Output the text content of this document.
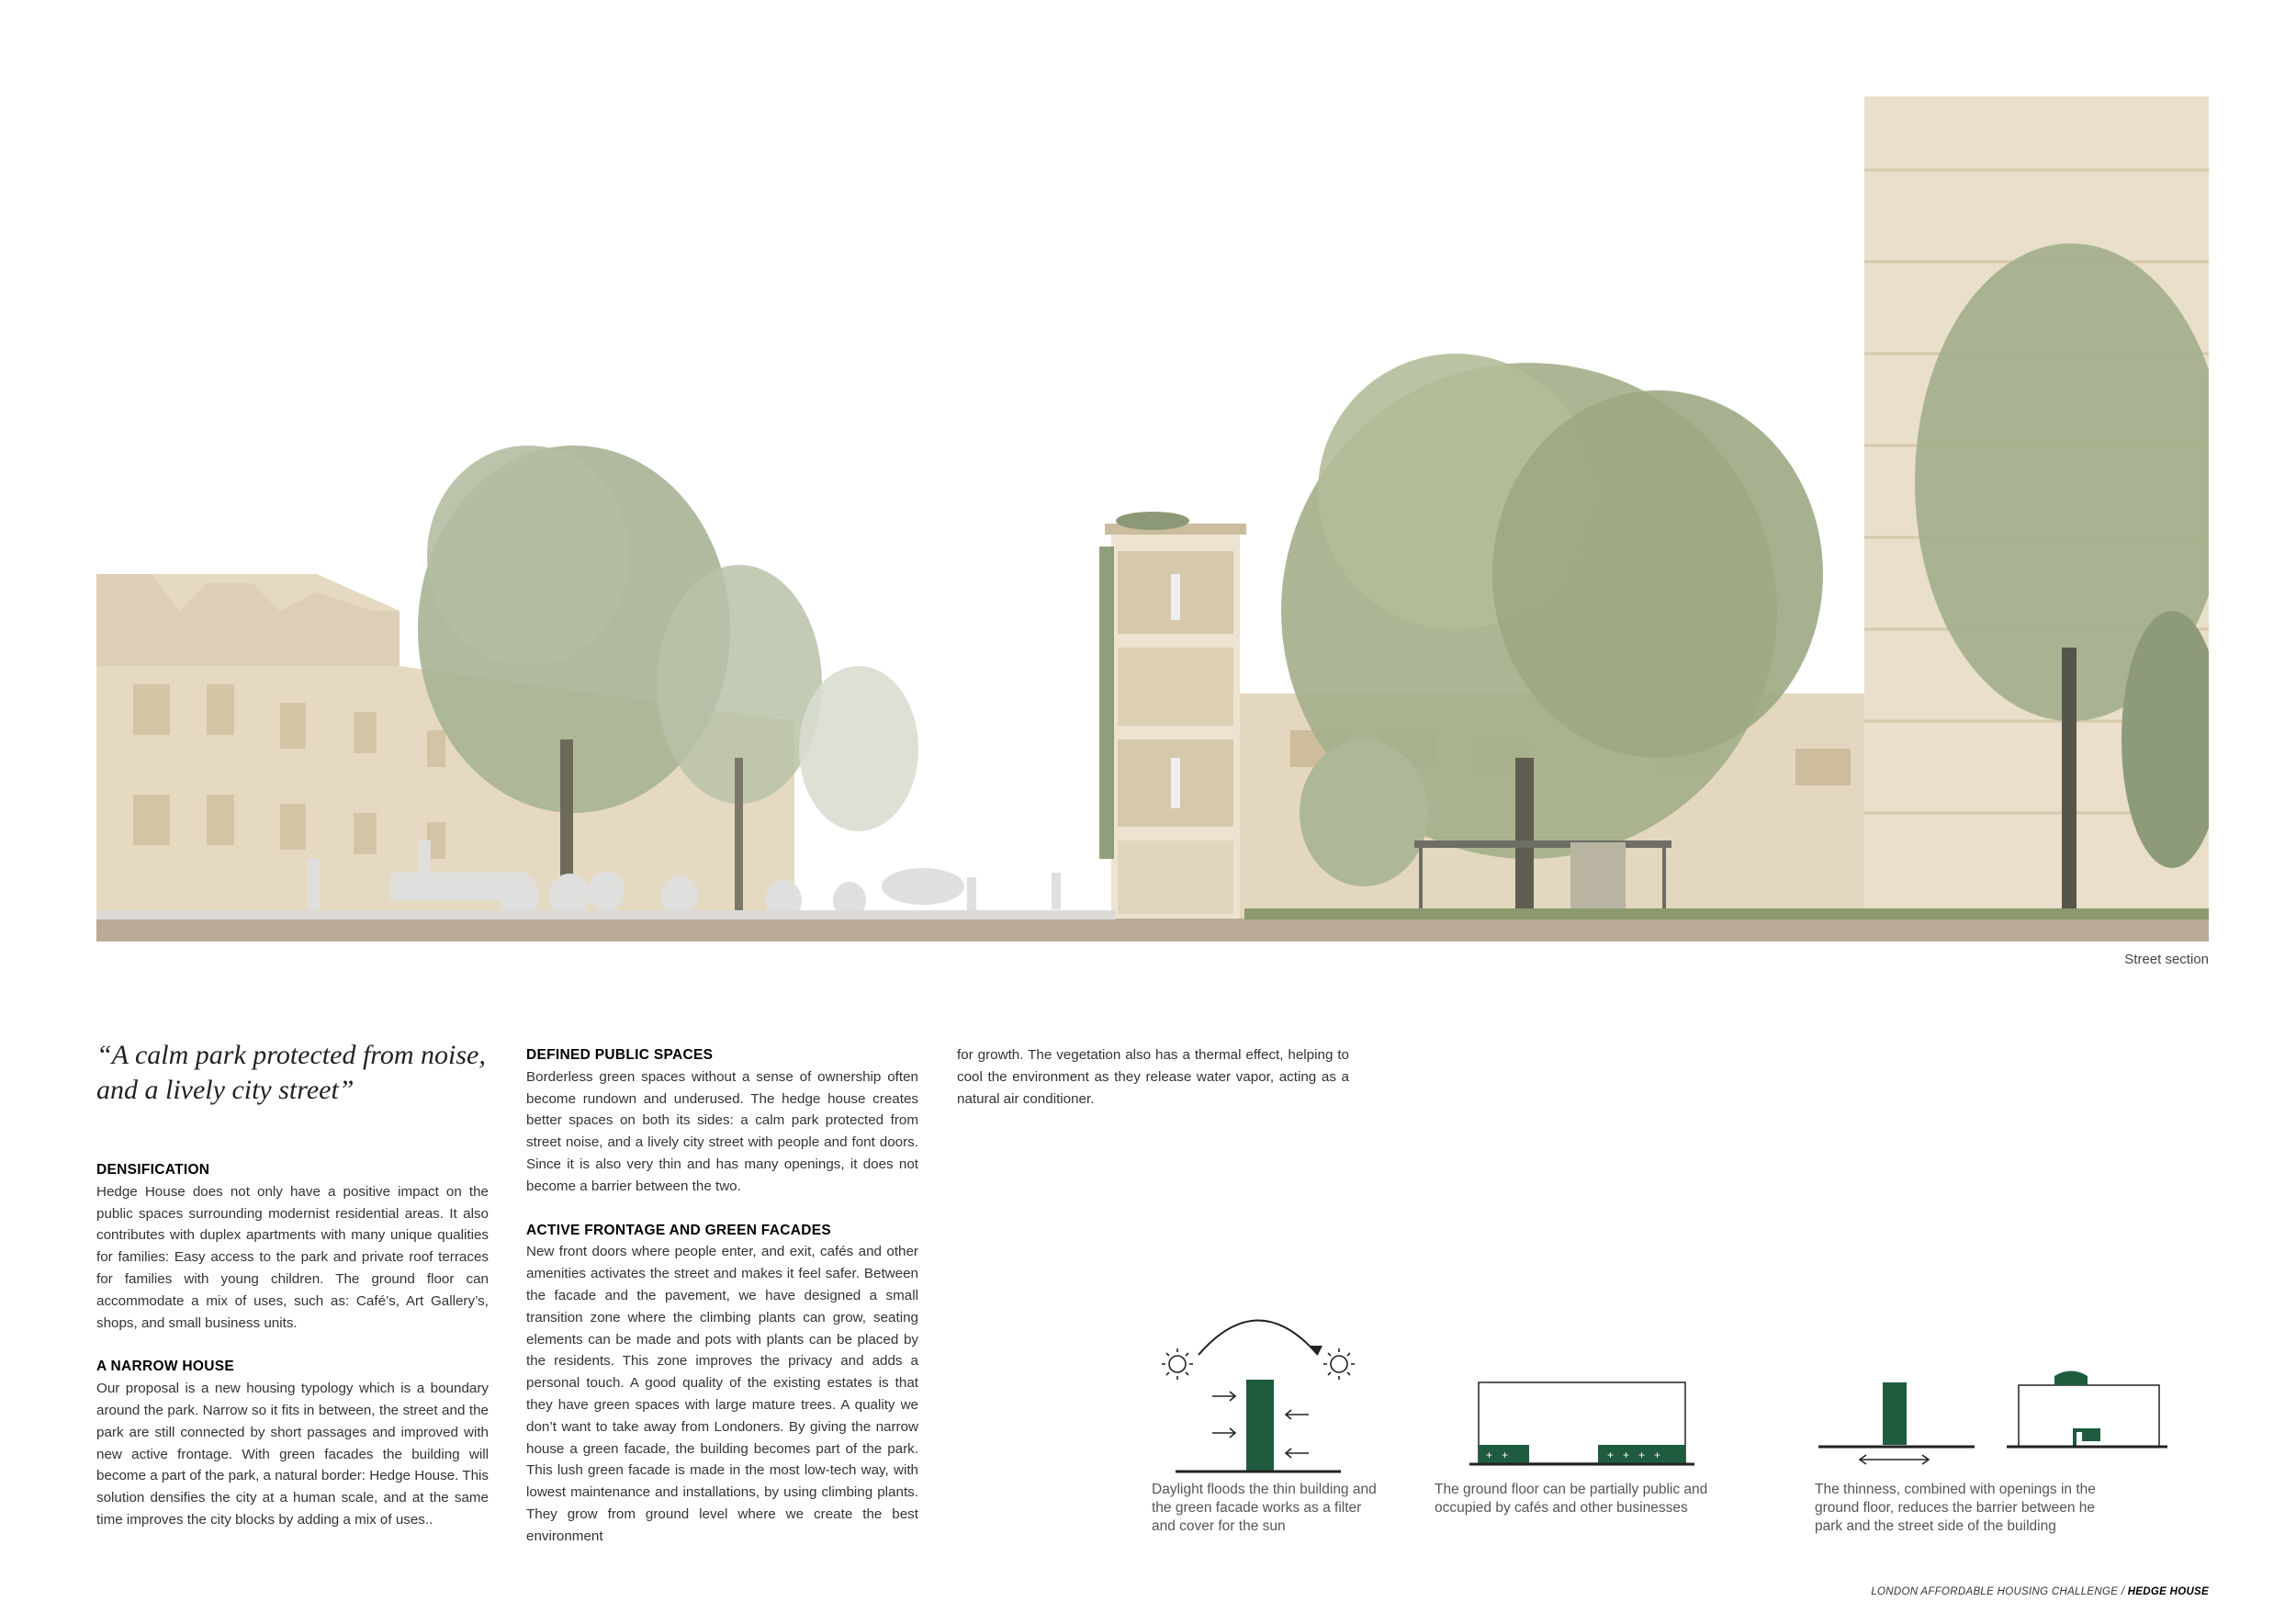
Street section
“A calm park protected from noise, and a lively city street”
DENSIFICATION

Hedge House does not only have a positive impact on the public spaces surrounding modernist residential areas. It also contributes with duplex apartments with many unique qualities for families: Easy access to the park and private roof terraces for families with young children. The ground floor can accommodate a mix of uses, such as: Café’s, Art Gallery’s, shops, and small business units.

A NARROW HOUSE

Our proposal is a new housing typology which is a boundary around the park. Narrow so it fits in between, the street and the park are still connected by short passages and improved with new active frontage. With green facades the building will become a part of the park, a natural border: Hedge House. This solution densifies the city at a human scale, and at the same time improves the city blocks by adding a mix of uses..

DEFINED PUBLIC SPACES

Borderless green spaces without a sense of ownership often become rundown and underused. The hedge house creates better spaces on both its sides: a calm park protected from street noise, and a lively city street with people and font doors. Since it is also very thin and has many openings, it does not become a barrier between the two.

ACTIVE FRONTAGE AND GREEN FACADES

New front doors where people enter, and exit, cafés and other amenities activates the street and makes it feel safer. Between the facade and the pavement, we have designed a small transition zone where the climbing plants can grow, seating elements can be made and pots with plants can be placed by the residents. This zone improves the privacy and adds a personal touch. A good quality of the existing estates is that they have green spaces with large mature trees. A quality we don’t want to take away from Londoners. By giving the narrow house a green facade, the building becomes part of the park. This lush green facade is made in the most low-tech way, with lowest maintenance and installations, by using climbing plants. They grow from ground level where we create the best environment

for growth. The vegetation also has a thermal effect, helping to cool the environment as they release water vapor, acting as a natural air conditioner.

Daylight floods the thin building and the green facade works as a filter and cover for the sun
+ +	+ + + +
The ground floor can be partially public and occupied by cafés and other businesses
The thinness, combined with openings in the ground floor, reduces the barrier between he park and the street side of the building
LONDON AFFORDABLE HOUSING CHALLENGE / HEDGE HOUSE
